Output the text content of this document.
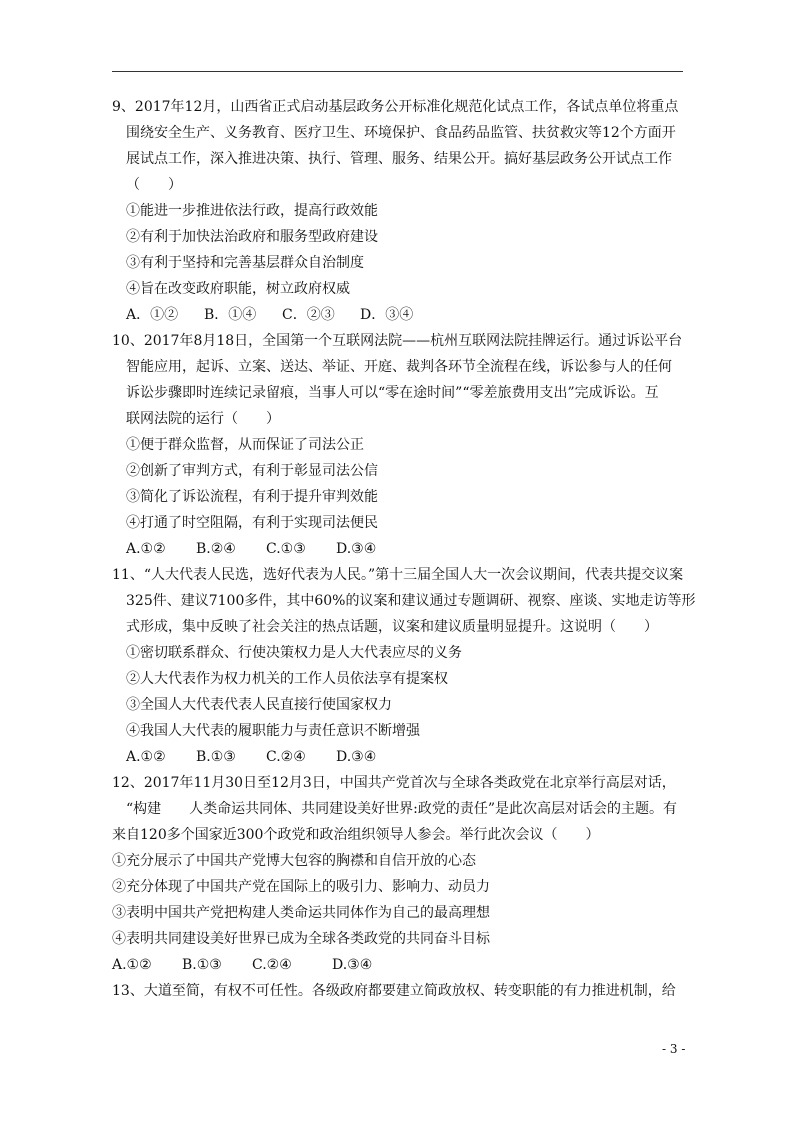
9、2017年12月，山西省正式启动基层政务公开标准化规范化试点工作，各试点单位将重点
围绕安全生产、义务教育、医疗卫生、环境保护、食品药品监管、扶贫救灾等12个方面开
展试点工作，深入推进决策、执行、管理、服务、结果公开。搞好基层政务公开试点工作
（　　）
①能进一步推进依法行政，提高行政效能
②有利于加快法治政府和服务型政府建设
③有利于坚持和完善基层群众自治制度
④旨在改变政府职能，树立政府权威
A．①②	B．①④	C．②③	D．③④
10、2017年8月18日，全国第一个互联网法院——杭州互联网法院挂牌运行。通过诉讼平台
智能应用，起诉、立案、送达、举证、开庭、裁判各环节全流程在线，诉讼参与人的任何
诉讼步骤即时连续记录留痕，当事人可以“零在途时间”“零差旅费用支出”完成诉讼。互
联网法院的运行（　　）
①便于群众监督，从而保证了司法公正
②创新了审判方式，有利于彰显司法公信
③简化了诉讼流程，有利于提升审判效能
④打通了时空阻隔，有利于实现司法便民
A.①②	B.②④	C.①③	D.③④
11、“人大代表人民选，选好代表为人民。”第十三届全国人大一次会议期间，代表共提交议案
325件、建议7100多件，其中60%的议案和建议通过专题调研、视察、座谈、实地走访等形
式形成，集中反映了社会关注的热点话题，议案和建议质量明显提升。这说明（　　）
①密切联系群众、行使决策权力是人大代表应尽的义务
②人大代表作为权力机关的工作人员依法享有提案权
③全国人大代表代表人民直接行使国家权力
④我国人大代表的履职能力与责任意识不断增强
A.①②	B.①③	C.②④	D.③④
12、2017年11月30日至12月3日，中国共产党首次与全球各类政党在北京举行高层对话，
“构建　　人类命运共同体、共同建设美好世界:政党的责任”是此次高层对话会的主题。有
来自120多个国家近300个政党和政治组织领导人参会。举行此次会议（　　）
①充分展示了中国共产党博大包容的胸襟和自信开放的心态
②充分体现了中国共产党在国际上的吸引力、影响力、动员力
③表明中国共产党把构建人类命运共同体作为自己的最高理想
④表明共同建设美好世界已成为全球各类政党的共同奋斗目标
A.①②	B.①③	C.②④	D.③④
13、大道至简，有权不可任性。各级政府都要建立简政放权、转变职能的有力推进机制，给
- 3 -
